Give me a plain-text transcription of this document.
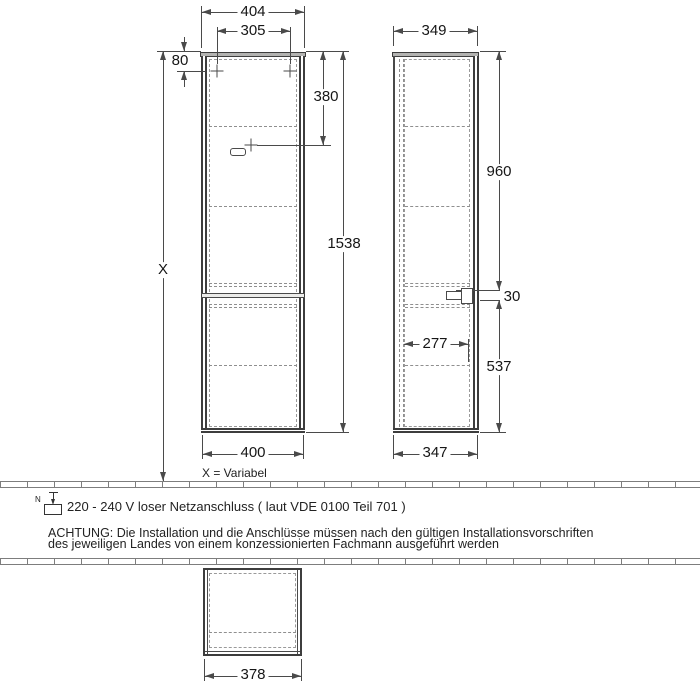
404
305
80
X
380
1538
400
X = Variabel
349
960
30
537
277
347
N 220 - 240 V loser Netzanschluss ( laut VDE 0100 Teil 701 )
ACHTUNG: Die Installation und die Anschlüsse müssen nach den gültigen Installationsvorschriften
des jeweiligen Landes von einem konzessionierten Fachmann ausgeführt werden
378
